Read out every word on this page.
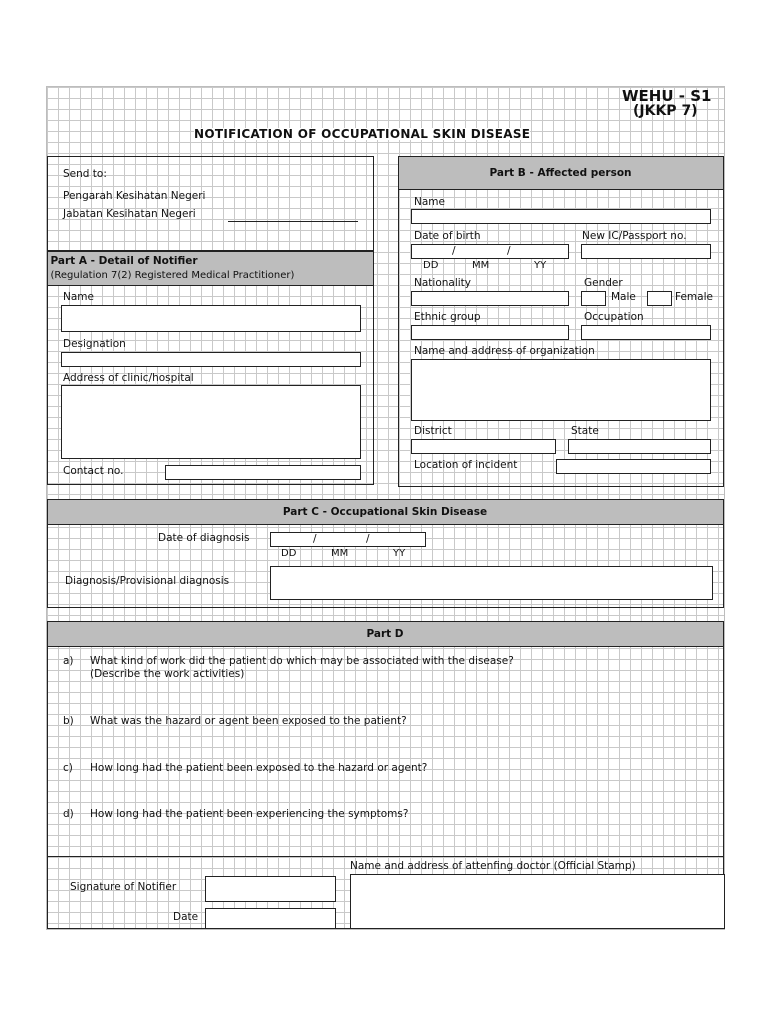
WEHU - S1
(JKKP 7)
NOTIFICATION OF OCCUPATIONAL SKIN DISEASE
Send to:
Pengarah Kesihatan Negeri
Jabatan Kesihatan Negeri
Part A - Detail of Notifier
(Regulation 7(2) Registered Medical Practitioner)
Name
Designation
Address of clinic/hospital
Contact no.
Part B - Affected person
Name
Date of birth
/	/
DD	MM	YY
New IC/Passport no.
Nationality	Gender
Male	Female
Ethnic group	Occupation
Name and address of organization
District	State
Location of incident
Part C - Occupational Skin Disease
Date of diagnosis	/	/
DD	MM	YY
Diagnosis/Provisional diagnosis
Part D
a) What kind of work did the patient do which may be associated with the disease?
(Describe the work activities)
b) What was the hazard or agent been exposed to the patient?
c) How long had the patient been exposed to the hazard or agent?
d) How long had the patient been experiencing the symptoms?
Signature of Notifier
Date
Name and address of attenfing doctor (Official Stamp)
